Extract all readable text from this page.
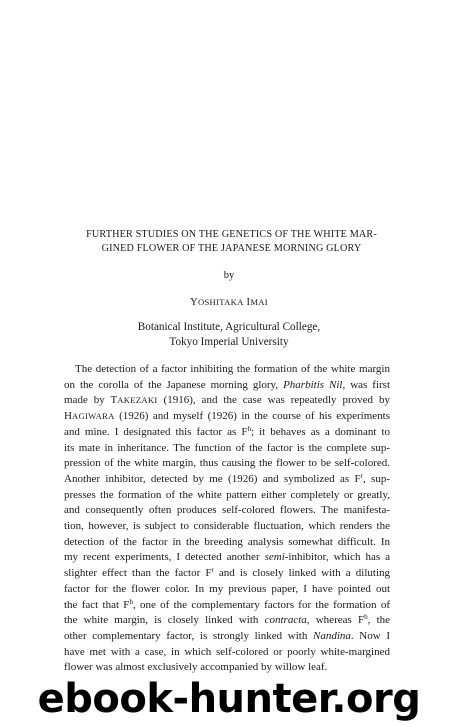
FURTHER STUDIES ON THE GENETICS OF THE WHITE MAR-
GINED FLOWER OF THE JAPANESE MORNING GLORY
by
YOSHITAKA IMAI
Botanical Institute, Agricultural College,
Tokyo Imperial University
The detection of a factor inhibiting the formation of the white margin
on the corolla of the Japanese morning glory, Pharbitis Nil, was first
made by TAKEZAKI (1916), and the case was repeatedly proved by
HAGIWARA (1926) and myself (1926) in the course of his experiments
and mine. I designated this factor as $F^h$; it behaves as a dominant to
its mate in inheritance. The function of the factor is the complete sup-
pression of the white margin, thus causing the flower to be self-colored.
Another inhibitor, detected by me (1926) and symbolized as $F^r$, sup-
presses the formation of the white pattern either completely or greatly,
and consequently often produces self-colored flowers. The manifesta-
tion, however, is subject to considerable fluctuation, which renders the
detection of the factor in the breeding analysis somewhat difficult. In
my recent experiments, I detected another semi-inhibitor, which has a
slighter effect than the factor $F^r$ and is closely linked with a diluting
factor for the flower color. In my previous paper, I have pointed out
the fact that $F^h$, one of the complementary factors for the formation of
the white margin, is closely linked with contracta, whereas $F^b$, the
other complementary factor, is strongly linked with Nandina. Now I
have met with a case, in which self-colored or poorly white-margined
flower was almost exclusively accompanied by willow leaf.
ebook-hunter.org
